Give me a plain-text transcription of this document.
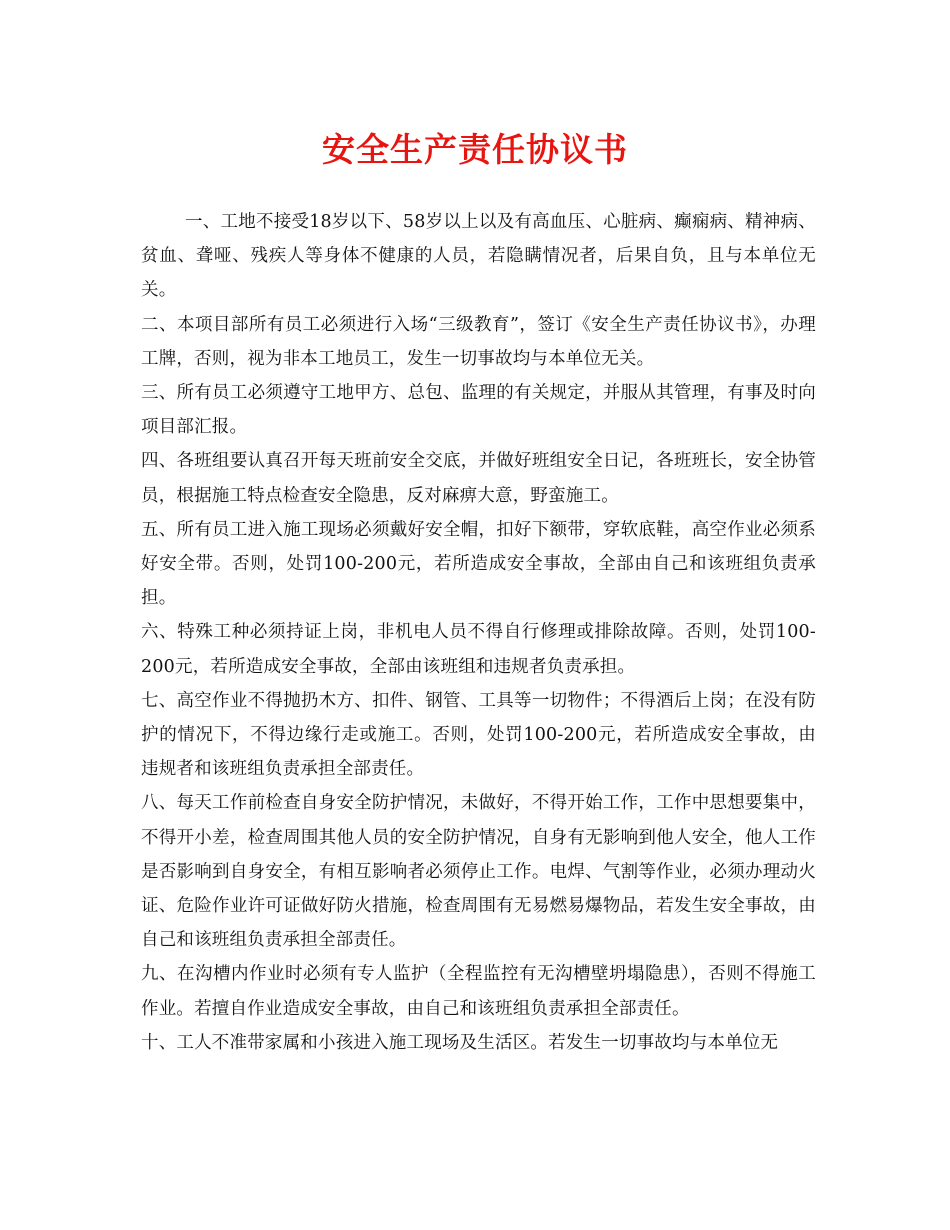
安全生产责任协议书

一、工地不接受18岁以下、58岁以上以及有高血压、心脏病、癫痫病、精神病、贫血、聋哑、残疾人等身体不健康的人员，若隐瞒情况者，后果自负，且与本单位无关。

二、本项目部所有员工必须进行入场“三级教育”，签订《安全生产责任协议书》，办理工牌，否则，视为非本工地员工，发生一切事故均与本单位无关。

三、所有员工必须遵守工地甲方、总包、监理的有关规定，并服从其管理，有事及时向项目部汇报。

四、各班组要认真召开每天班前安全交底，并做好班组安全日记，各班班长，安全协管员，根据施工特点检查安全隐患，反对麻痹大意，野蛮施工。

五、所有员工进入施工现场必须戴好安全帽，扣好下额带，穿软底鞋，高空作业必须系好安全带。否则，处罚100-200元，若所造成安全事故，全部由自己和该班组负责承担。

六、特殊工种必须持证上岗，非机电人员不得自行修理或排除故障。否则，处罚100-200元，若所造成安全事故，全部由该班组和违规者负责承担。

七、高空作业不得抛扔木方、扣件、钢管、工具等一切物件；不得酒后上岗；在没有防护的情况下，不得边缘行走或施工。否则，处罚100-200元，若所造成安全事故，由违规者和该班组负责承担全部责任。

八、每天工作前检查自身安全防护情况，未做好，不得开始工作，工作中思想要集中，不得开小差，检查周围其他人员的安全防护情况，自身有无影响到他人安全，他人工作是否影响到自身安全，有相互影响者必须停止工作。电焊、气割等作业，必须办理动火证、危险作业许可证做好防火措施，检查周围有无易燃易爆物品，若发生安全事故，由自己和该班组负责承担全部责任。

九、在沟槽内作业时必须有专人监护（全程监控有无沟槽壁坍塌隐患），否则不得施工作业。若擅自作业造成安全事故，由自己和该班组负责承担全部责任。

十、工人不准带家属和小孩进入施工现场及生活区。若发生一切事故均与本单位无
